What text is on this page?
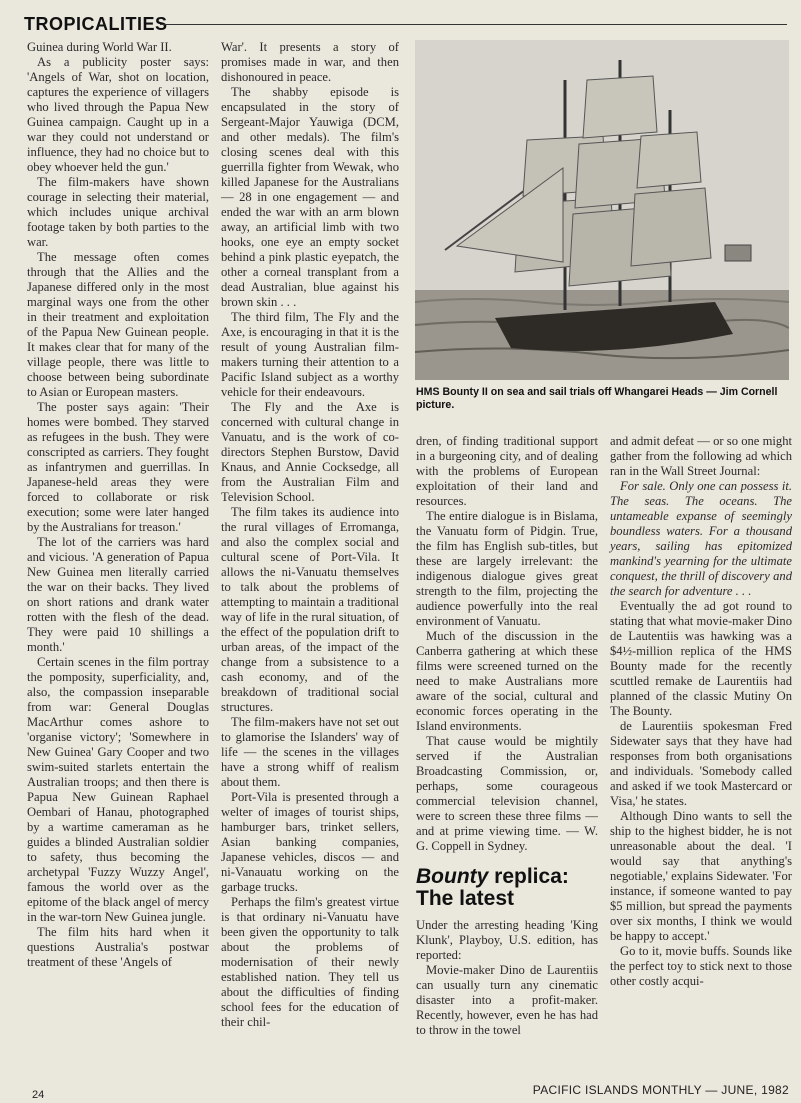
TROPICALITIES

Guinea during World War II.

As a publicity poster says: 'Angels of War, shot on location, captures the experience of villagers who lived through the Papua New Guinea campaign. Caught up in a war they could not understand or influence, they had no choice but to obey whoever held the gun.'

The film-makers have shown courage in selecting their material, which includes unique archival footage taken by both parties to the war.

The message often comes through that the Allies and the Japanese differed only in the most marginal ways one from the other in their treatment and exploitation of the Papua New Guinean people. It makes clear that for many of the village people, there was little to choose between being subordinate to Asian or European masters.

The poster says again: 'Their homes were bombed. They starved as refugees in the bush. They were conscripted as carriers. They fought as infantrymen and guerrillas. In Japanese-held areas they were forced to collaborate or risk execution; some were later hanged by the Australians for treason.'

The lot of the carriers was hard and vicious. 'A generation of Papua New Guinea men literally carried the war on their backs. They lived on short rations and drank water rotten with the flesh of the dead. They were paid 10 shillings a month.'

Certain scenes in the film portray the pomposity, superficiality, and, also, the compassion inseparable from war: General Douglas MacArthur comes ashore to 'organise victory'; 'Somewhere in New Guinea' Gary Cooper and two swim-suited starlets entertain the Australian troops; and then there is Papua New Guinean Raphael Oembari of Hanau, photographed by a wartime cameraman as he guides a blinded Australian soldier to safety, thus becoming the archetypal 'Fuzzy Wuzzy Angel', famous the world over as the epitome of the black angel of mercy in the war-torn New Guinea jungle.

The film hits hard when it questions Australia's postwar treatment of these 'Angels of

War'. It presents a story of promises made in war, and then dishonoured in peace.

The shabby episode is encapsulated in the story of Sergeant-Major Yauwiga (DCM, and other medals). The film's closing scenes deal with this guerrilla fighter from Wewak, who killed Japanese for the Australians — 28 in one engagement — and ended the war with an arm blown away, an artificial limb with two hooks, one eye an empty socket behind a pink plastic eyepatch, the other a corneal transplant from a dead Australian, blue against his brown skin . . .

The third film, The Fly and the Axe, is encouraging in that it is the result of young Australian film-makers turning their attention to a Pacific Island subject as a worthy vehicle for their endeavours.

The Fly and the Axe is concerned with cultural change in Vanuatu, and is the work of co-directors Stephen Burstow, David Knaus, and Annie Cocksedge, all from the Australian Film and Television School.

The film takes its audience into the rural villages of Erromanga, and also the complex social and cultural scene of Port-Vila. It allows the ni-Vanuatu themselves to talk about the problems of attempting to maintain a traditional way of life in the rural situation, of the effect of the population drift to urban areas, of the impact of the change from a subsistence to a cash economy, and of the breakdown of traditional social structures.

The film-makers have not set out to glamorise the Islanders' way of life — the scenes in the villages have a strong whiff of realism about them.

Port-Vila is presented through a welter of images of tourist ships, hamburger bars, trinket sellers, Asian banking companies, Japanese vehicles, discos — and ni-Vanauatu working on the garbage trucks.

Perhaps the film's greatest virtue is that ordinary ni-Vanuatu have been given the opportunity to talk about the problems of modernisation of their newly established nation. They tell us about the difficulties of finding school fees for the education of their chil-

HMS Bounty II on sea and sail trials off Whangarei Heads — Jim Cornell picture.

dren, of finding traditional support in a burgeoning city, and of dealing with the problems of European exploitation of their land and resources.

The entire dialogue is in Bislama, the Vanuatu form of Pidgin. True, the film has English sub-titles, but these are largely irrelevant: the indigenous dialogue gives great strength to the film, projecting the audience powerfully into the real environment of Vanuatu.

Much of the discussion in the Canberra gathering at which these films were screened turned on the need to make Australians more aware of the social, cultural and economic forces operating in the Island environments.

That cause would be mightily served if the Australian Broadcasting Commission, or, perhaps, some courageous commercial television channel, were to screen these three films — and at prime viewing time. — W. G. Coppell in Sydney.

Bounty replica: The latest

Under the arresting heading 'King Klunk', Playboy, U.S. edition, has reported:

Movie-maker Dino de Laurentiis can usually turn any cinematic disaster into a profit-maker. Recently, however, even he has had to throw in the towel

and admit defeat — or so one might gather from the following ad which ran in the Wall Street Journal:

For sale. Only one can possess it. The seas. The oceans. The untameable expanse of seemingly boundless waters. For a thousand years, sailing has epitomized mankind's yearning for the ultimate conquest, the thrill of discovery and the search for adventure . . .

Eventually the ad got round to stating that what movie-maker Dino de Lautentiis was hawking was a $4½-million replica of the HMS Bounty made for the recently scuttled remake de Laurentiis had planned of the classic Mutiny On The Bounty.

de Laurentiis spokesman Fred Sidewater says that they have had responses from both organisations and individuals. 'Somebody called and asked if we took Mastercard or Visa,' he states.

Although Dino wants to sell the ship to the highest bidder, he is not unreasonable about the deal. 'I would say that anything's negotiable,' explains Sidewater. 'For instance, if someone wanted to pay $5 million, but spread the payments over six months, I think we would be happy to accept.'

Go to it, movie buffs. Sounds like the perfect toy to stick next to those other costly acqui-

24	PACIFIC ISLANDS MONTHLY — JUNE, 1982
